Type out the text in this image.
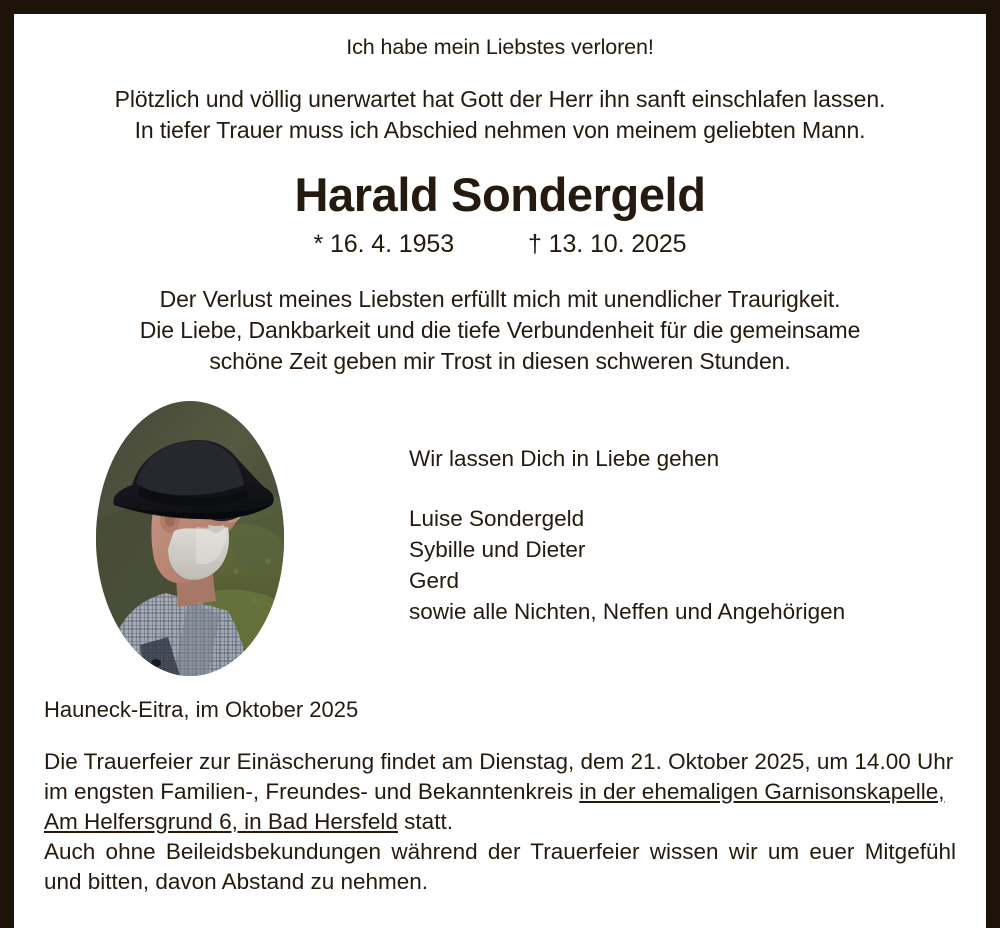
Ich habe mein Liebstes verloren!
Plötzlich und völlig unerwartet hat Gott der Herr ihn sanft einschlafen lassen.
In tiefer Trauer muss ich Abschied nehmen von meinem geliebten Mann.
Harald Sondergeld
* 16. 4. 1953	† 13. 10. 2025
Der Verlust meines Liebsten erfüllt mich mit unendlicher Traurigkeit.
Die Liebe, Dankbarkeit und die tiefe Verbundenheit für die gemeinsame
schöne Zeit geben mir Trost in diesen schweren Stunden.
Wir lassen Dich in Liebe gehen
Luise Sondergeld
Sybille und Dieter
Gerd
sowie alle Nichten, Neffen und Angehörigen
Hauneck-Eitra, im Oktober 2025

Die Trauerfeier zur Einäscherung findet am Dienstag, dem 21. Oktober 2025, um 14.00 Uhr im engsten Familien-, Freundes- und Bekanntenkreis in der ehemaligen Garnisonskapelle, Am Helfersgrund 6, in Bad Hersfeld statt.

Auch ohne Beileidsbekundungen während der Trauerfeier wissen wir um euer Mitgefühl und bitten, davon Abstand zu nehmen.
